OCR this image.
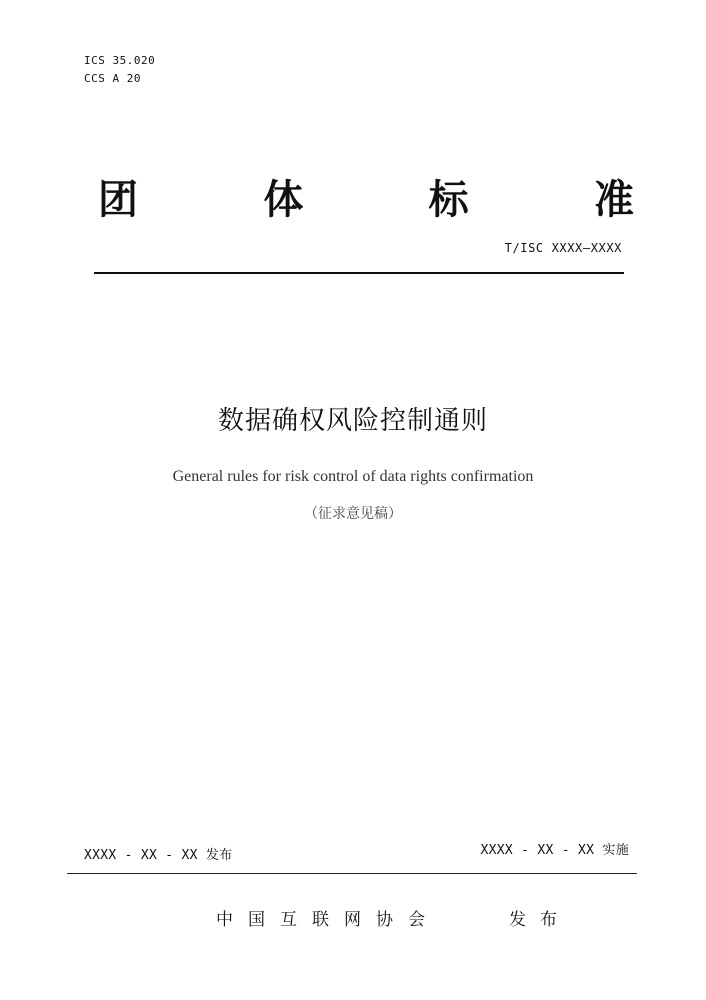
ICS 35.020
CCS A 20
团	体	标	准
T/ISC XXXX—XXXX
数据确权风险控制通则
General rules for risk control of data rights confirmation
（征求意见稿）
XXXX - XX - XX 发布	XXXX - XX - XX 实施
中国互联网协会	发布
